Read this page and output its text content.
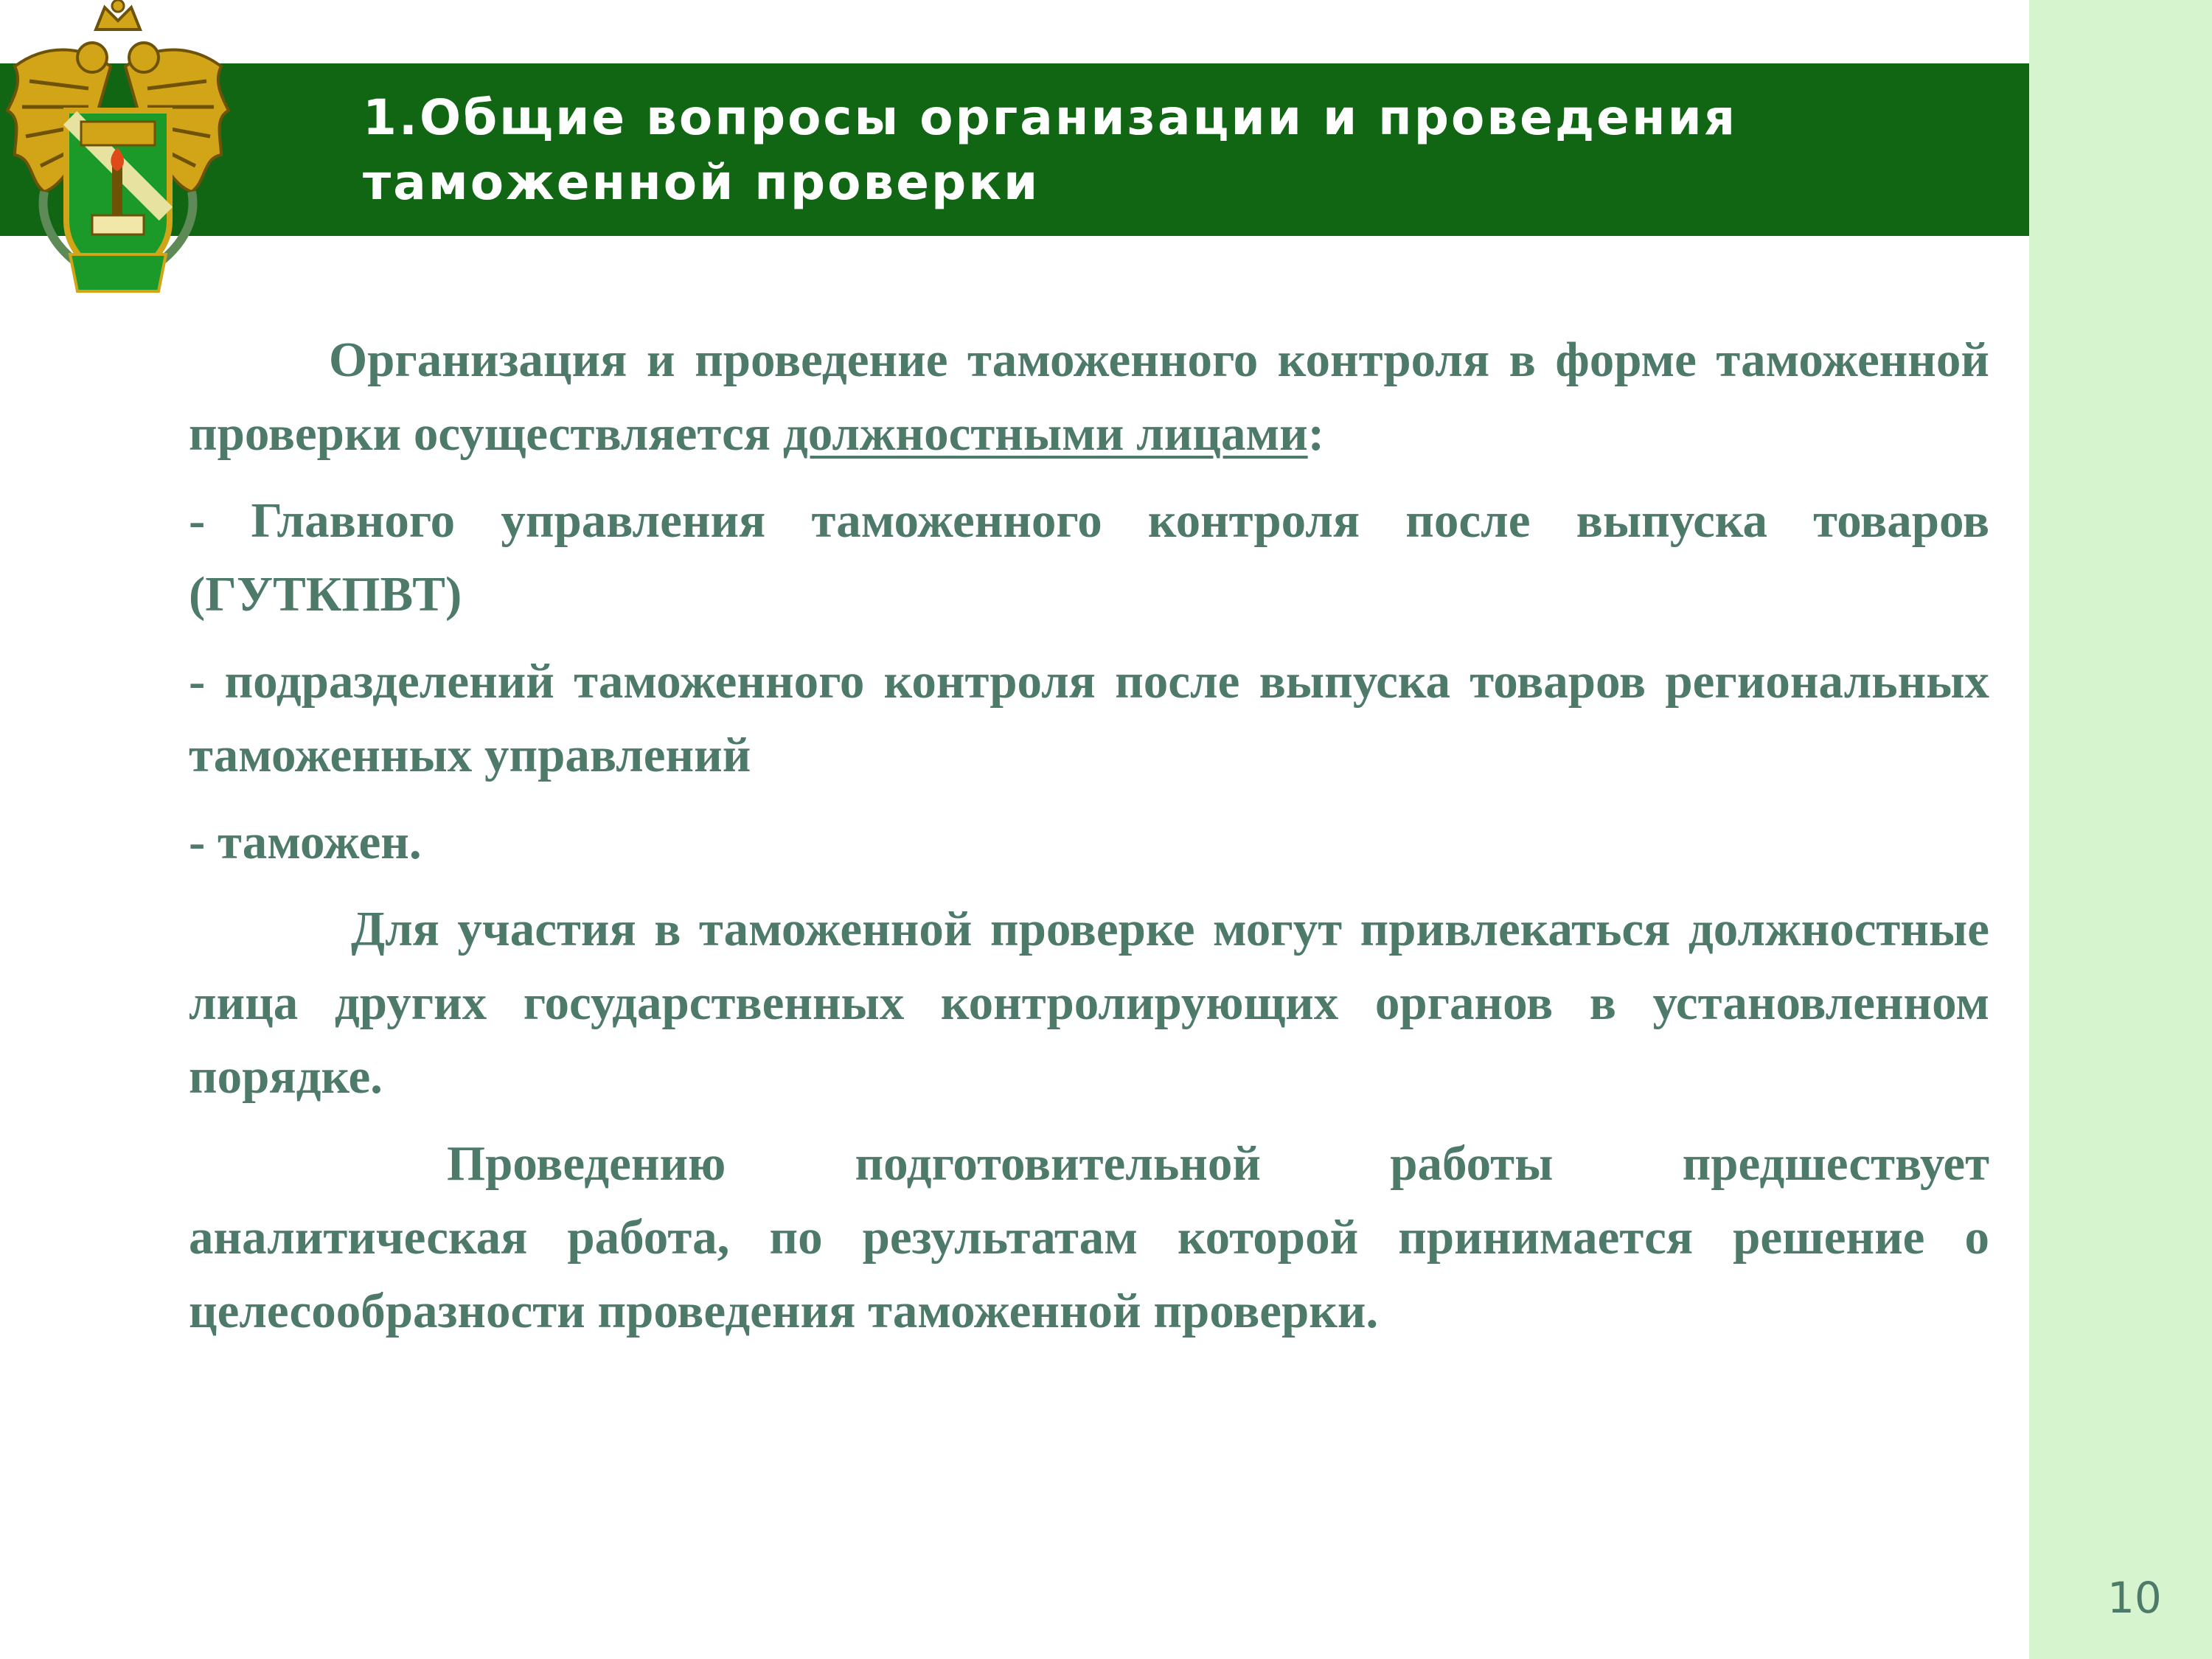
1.Общие вопросы организации и проведения таможенной проверки

Организация и проведение таможенного контроля в форме таможенной проверки осуществляется должностными лицами:

- Главного управления таможенного контроля после выпуска товаров (ГУТКПВТ)

- подразделений таможенного контроля после выпуска товаров региональных таможенных управлений

- таможен.

Для участия в таможенной проверке могут привлекаться должностные лица других государственных контролирующих органов в установленном порядке.

Проведению подготовительной работы предшествует аналитическая работа, по результатам которой принимается решение о целесообразности проведения таможенной проверки.

10
